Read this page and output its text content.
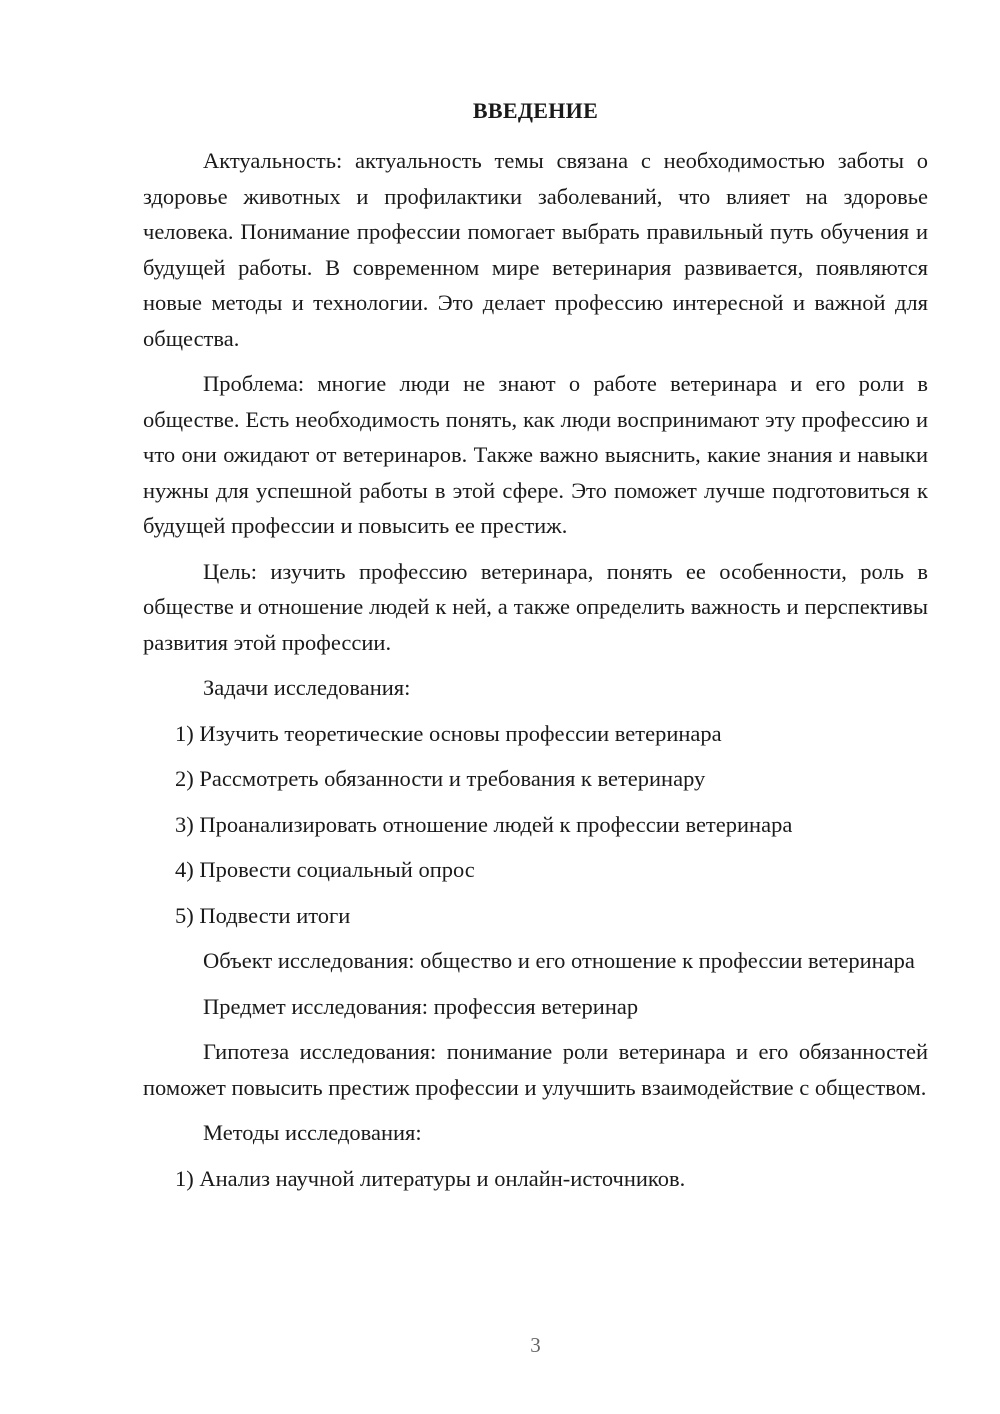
ВВЕДЕНИЕ

Актуальность: актуальность темы связана с необходимостью заботы о здоровье животных и профилактики заболеваний, что влияет на здоровье человека. Понимание профессии помогает выбрать правильный путь обучения и будущей работы. В современном мире ветеринария развивается, появляются новые методы и технологии. Это делает профессию интересной и важной для общества.

Проблема: многие люди не знают о работе ветеринара и его роли в обществе. Есть необходимость понять, как люди воспринимают эту профессию и что они ожидают от ветеринаров. Также важно выяснить, какие знания и навыки нужны для успешной работы в этой сфере. Это поможет лучше подготовиться к будущей профессии и повысить ее престиж.

Цель: изучить профессию ветеринара, понять ее особенности, роль в обществе и отношение людей к ней, а также определить важность и перспективы развития этой профессии.

Задачи исследования:

1) Изучить теоретические основы профессии ветеринара

2) Рассмотреть обязанности и требования к ветеринару

3) Проанализировать отношение людей к профессии ветеринара

4) Провести социальный опрос

5) Подвести итоги

Объект исследования: общество и его отношение к профессии ветеринара

Предмет исследования: профессия ветеринар

Гипотеза исследования: понимание роли ветеринара и его обязанностей поможет повысить престиж профессии и улучшить взаимодействие с обществом.

Методы исследования:

1) Анализ научной литературы и онлайн-источников.

3
